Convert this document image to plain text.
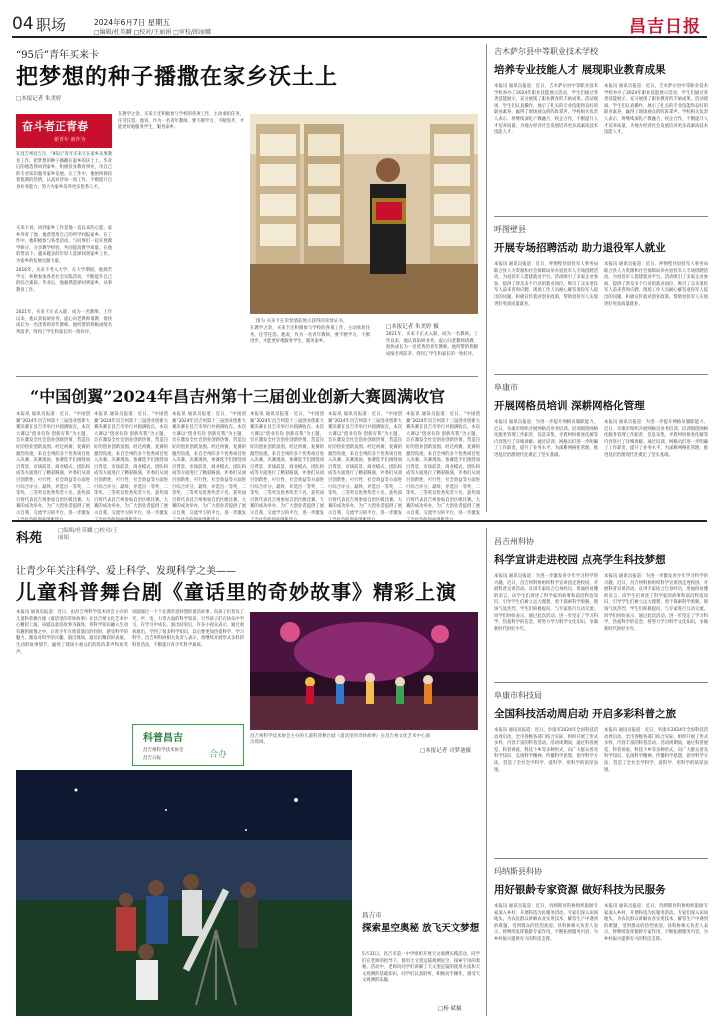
04 职场	2024年6月7日 星期五
□编辑/杜英麟 □校对/王丽娟 □审校/郎丽娜	昌吉日报
“95后”青年买来卡
把梦想的种子播撒在家乡沃土上
□本报记者 朱美婷
奋斗者正青春
新青年 新作为
在昌吉州昌吉市，“95后”青年买来卡在家乡从事教育工作，把梦想的种子播撒在家乡的沃土上。毕业后的他选择回到家乡，积极投身教育事业，用自己的专业知识服务家乡发展。在工作中，他始终保持着饱满的热情，认真对待每一项工作，不断提升自身业务能力，努力为家乡培养更多优秀人才。
买来卡说，回到家乡工作是他一直以来的心愿。家乡养育了他，他希望用自己的所学回报家乡。在工作中，他积极参与各类活动，与同事们一起开展教学研讨，分享教学经验，共同提高教学质量。在他的带动下，越来越多的年轻人选择回到家乡工作，为家乡的发展贡献力量。
2016年，买来卡考入大学，在大学期间，他刻苦学习，积极参加各类社会实践活动，不断提升自己的综合素质。毕业后，他毅然选择回到家乡，从事教育工作。
2021年，买来卡正式入职，成为一名教师。工作以来，他认真钻研业务，虚心向老教师请教，很快成长为一名优秀的青年教师。他所带的班级成绩名列前茅，得到了学生和家长的一致好评。
在教学之余，买来卡还积极参与学校的各项工作，主动承担任务，任劳任怨。他说，作为一名青年教师，要不断学习，不断进步，才能更好地服务学生，服务家乡。
图为 买来卡在荣誉墙前展示获得的荣誉证书。
在教学之余，买来卡还积极参与学校的各项工作，主动承担任务，任劳任怨。他说，作为一名青年教师，要不断学习，不断进步，才能更好地服务学生，服务家乡。
□本报记者 朱美婷 摄
2021年，买来卡正式入职，成为一名教师。工作以来，他认真钻研业务，虚心向老教师请教，很快成长为一名优秀的青年教师。他所带的班级成绩名列前茅，得到了学生和家长的一致好评。
吉木萨尔县中等职业技术学校
培养专业技能人才 展现职业教育成果
本报讯 通讯员报道：近日，吉木萨尔县中等职业技术学校举办了2024年职业技能展示活动，学生们通过各类技能展示，充分展现了职业教育的丰硕成果。活动现场，学生们认真操作，展示了扎实的专业技能和良好的职业素养，赢得了现场观众的阵阵掌声。学校相关负责人表示，将继续深化产教融合、校企合作，不断提升人才培养质量，为地方经济社会发展培养更多高素质技术技能人才。
本报讯 通讯员报道：近日，吉木萨尔县中等职业技术学校举办了2024年职业技能展示活动，学生们通过各类技能展示，充分展现了职业教育的丰硕成果。活动现场，学生们认真操作，展示了扎实的专业技能和良好的职业素养，赢得了现场观众的阵阵掌声。学校相关负责人表示，将继续深化产教融合、校企合作，不断提升人才培养质量，为地方经济社会发展培养更多高素质技术技能人才。
呼图壁县
开展专场招聘活动 助力退役军人就业
本报讯 通讯员报道：近日，呼图壁县退役军人事务局联合县人力资源和社会保障局举办退役军人专场招聘活动，为退役军人搭建就业平台。活动吸引了多家企业参加，提供了涉及多个行业的就业岗位，吸引了众多退役军人前来咨询应聘。现场工作人员耐心解答退役军人提出的问题，积极宣传就业创业政策，帮助退役军人实现更好更高质量就业。
本报讯 通讯员报道：近日，呼图壁县退役军人事务局联合县人力资源和社会保障局举办退役军人专场招聘活动，为退役军人搭建就业平台。活动吸引了多家企业参加，提供了涉及多个行业的就业岗位，吸引了众多退役军人前来咨询应聘。现场工作人员耐心解答退役军人提出的问题，积极宣传就业创业政策，帮助退役军人实现更好更高质量就业。
阜康市
开展网格员培训 深耕网格化管理
本报讯 通讯员报道：为进一步提升网格员履职能力，近日，阜康市组织开展网格员业务培训。培训围绕网格化服务管理工作职责、信息采集、矛盾纠纷排查化解等内容进行了详细讲解。通过培训，网格员们进一步明确了工作职责，提升了业务水平，为深耕网格化管理、推进基层治理现代化奠定了坚实基础。
本报讯 通讯员报道：为进一步提升网格员履职能力，近日，阜康市组织开展网格员业务培训。培训围绕网格化服务管理工作职责、信息采集、矛盾纠纷排查化解等内容进行了详细讲解。通过培训，网格员们进一步明确了工作职责，提升了业务水平，为深耕网格化管理、推进基层治理现代化奠定了坚实基础。
“中国创翼”2024年昌吉州第十三届创业创新大赛圆满收官
本报讯 通讯员报道：近日，“中国创翼”2024年昌吉州第十三届创业创新大赛决赛在昌吉市举行并圆满收官。本次大赛以“创业有你 创新有我”为主题，旨在激发全社会创业创新热情，营造良好的创业创新氛围。经过初赛、复赛的激烈角逐，来自全州的多个优秀项目进入决赛。决赛现场，参赛选手们围绕项目背景、市场前景、商业模式、团队构成等方面进行了精彩路演，评委们从项目创新性、可行性、社会效益等方面进行综合评分。最终，评选出一等奖、二等奖、三等奖及优秀奖若干名。获奖项目将代表昌吉州参加自治区级比赛。大赛的成功举办，为广大创业者提供了展示自我、交流学习的平台，进一步激发
本报讯 通讯员报道：近日，“中国创翼”2024年昌吉州第十三届创业创新大赛决赛在昌吉市举行并圆满收官。本次大赛以“创业有你 创新有我”为主题，旨在激发全社会创业创新热情，营造良好的创业创新氛围。经过初赛、复赛的激烈角逐，来自全州的多个优秀项目进入决赛。决赛现场，参赛选手们围绕项目背景、市场前景、商业模式、团队构成等方面进行了精彩路演，评委们从项目创新性、可行性、社会效益等方面进行综合评分。最终，评选出一等奖、二等奖、三等奖及优秀奖若干名。获奖项目将代表昌吉州参加自治区级比赛。大赛的成功举办，为广大创业者提供了展示自我、交流学习的平台，进一步激发
本报讯 通讯员报道：近日，“中国创翼”2024年昌吉州第十三届创业创新大赛决赛在昌吉市举行并圆满收官。本次大赛以“创业有你 创新有我”为主题，旨在激发全社会创业创新热情，营造良好的创业创新氛围。经过初赛、复赛的激烈角逐，来自全州的多个优秀项目进入决赛。决赛现场，参赛选手们围绕项目背景、市场前景、商业模式、团队构成等方面进行了精彩路演，评委们从项目创新性、可行性、社会效益等方面进行综合评分。最终，评选出一等奖、二等奖、三等奖及优秀奖若干名。获奖项目将代表昌吉州参加自治区级比赛。大赛的成功举办，为广大创业者提供了展示自我、交流学习的平台，进一步激发
本报讯 通讯员报道：近日，“中国创翼”2024年昌吉州第十三届创业创新大赛决赛在昌吉市举行并圆满收官。本次大赛以“创业有你 创新有我”为主题，旨在激发全社会创业创新热情，营造良好的创业创新氛围。经过初赛、复赛的激烈角逐，来自全州的多个优秀项目进入决赛。决赛现场，参赛选手们围绕项目背景、市场前景、商业模式、团队构成等方面进行了精彩路演，评委们从项目创新性、可行性、社会效益等方面进行综合评分。最终，评选出一等奖、二等奖、三等奖及优秀奖若干名。获奖项目将代表昌吉州参加自治区级比赛。大赛的成功举办，为广大创业者提供了展示自我、交流学习的平台，进一步激发
本报讯 通讯员报道：近日，“中国创翼”2024年昌吉州第十三届创业创新大赛决赛在昌吉市举行并圆满收官。本次大赛以“创业有你 创新有我”为主题，旨在激发全社会创业创新热情，营造良好的创业创新氛围。经过初赛、复赛的激烈角逐，来自全州的多个优秀项目进入决赛。决赛现场，参赛选手们围绕项目背景、市场前景、商业模式、团队构成等方面进行了精彩路演，评委们从项目创新性、可行性、社会效益等方面进行综合评分。最终，评选出一等奖、二等奖、三等奖及优秀奖若干名。获奖项目将代表昌吉州参加自治区级比赛。大赛的成功举办，为广大创业者提供了展示自我、交流学习的平台，进一步激发
本报讯 通讯员报道：近日，“中国创翼”2024年昌吉州第十三届创业创新大赛决赛在昌吉市举行并圆满收官。本次大赛以“创业有你 创新有我”为主题，旨在激发全社会创业创新热情，营造良好的创业创新氛围。经过初赛、复赛的激烈角逐，来自全州的多个优秀项目进入决赛。决赛现场，参赛选手们围绕项目背景、市场前景、商业模式、团队构成等方面进行了精彩路演，评委们从项目创新性、可行性、社会效益等方面进行综合评分。最终，评选出一等奖、二等奖、三等奖及优秀奖若干名。获奖项目将代表昌吉州参加自治区级比赛。大赛的成功举办，为广大创业者提供了展示自我、交流学习的平台，进一步激发
科苑	□编辑/杜英麟 □校对/王丽娟
让青少年关注科学、爱上科学、发现科学之美——
儿童科普舞台剧《童话里的奇妙故事》精彩上演
本报讯 通讯员报道：近日，由昌吉州科学技术协会主办的儿童科普舞台剧《童话里的奇妙故事》在昌吉州文化艺术中心精彩上演。该剧以童话故事为载体，将科学知识融入生动有趣的剧情之中，让青少年在欣赏演出的同时，感受科学的魅力，激发对科学的兴趣。演出现场，演员们精彩的表演、生动的故事情节，赢得了现场小观众们的阵阵掌声和欢笑声。
该剧通过一个个充满奇思妙想的童话故事，向孩子们普及了光、声、电、力等方面的科学知识，引导孩子们在快乐中学习，在学习中成长。演出结束后，许多小观众表示，通过观看演出，学到了很多科学知识，以后要更加热爱科学、学习科学。昌吉州科协相关负责人表示，将继续开展形式多样的科普活动，不断提升青少年科学素质。
科普昌吉
昌吉州科学技术协会
昌吉日报	合办
昌吉州科学技术协会主办的儿童科普舞台剧《童话里的奇妙故事》在昌吉州文化艺术中心演出现场。
□本报记者 司梦迪摄
昌吉市
探索星空奥秘 放飞天文梦想
5月31日，昌吉市第一中学组织开展天文观测实践活动，同学们在老师的指导下，使用天文望远镜观测星空，探索宇宙的奥秘。活动中，老师向同学们讲解了天文望远镜的使用方法和天文观测的基础知识，同学们认真聆听，积极动手操作，感受天文观测的乐趣。
□杨 斌摄
昌吉州科协
科学宣讲走进校园 点亮学生科技梦想
本报讯 通讯员报道：为进一步激发青少年学习科学的兴趣，近日，昌吉州科协组织科学宣讲团走进校园，开展科普宣讲活动。宣讲专家结合自身经历，用通俗易懂的语言，向学生们讲述了科学家的故事和前沿科技知识，引导学生们树立远大理想，勇于探索科学奥秘。现场气氛热烈，学生们积极提问，与专家进行互动交流。同学们纷纷表示，通过此次活动，进一步坚定了学习科学、热爱科学的信念，将努力学习科学文化知识，争做新时代的好少年。
本报讯 通讯员报道：为进一步激发青少年学习科学的兴趣，近日，昌吉州科协组织科学宣讲团走进校园，开展科普宣讲活动。宣讲专家结合自身经历，用通俗易懂的语言，向学生们讲述了科学家的故事和前沿科技知识，引导学生们树立远大理想，勇于探索科学奥秘。现场气氛热烈，学生们积极提问，与专家进行互动交流。同学们纷纷表示，通过此次活动，进一步坚定了学习科学、热爱科学的信念，将努力学习科学文化知识，争做新时代的好少年。
阜康市科技局
全国科技活动周启动 开启多彩科普之旅
本报讯 通讯员报道：近日，阜康市2024年全国科技活动周启动，全市各级各部门结合实际，组织开展了形式多样、内容丰富的科普活动。活动周期间，通过科普展览、科普讲座、科技下乡等多种形式，向广大群众普及科学知识，弘扬科学精神，传播科学思想，倡导科学方法，营造了全社会学科学、爱科学、用科学的浓厚氛围。
本报讯 通讯员报道：近日，阜康市2024年全国科技活动周启动，全市各级各部门结合实际，组织开展了形式多样、内容丰富的科普活动。活动周期间，通过科普展览、科普讲座、科技下乡等多种形式，向广大群众普及科学知识，弘扬科学精神，传播科学思想，倡导科学方法，营造了全社会学科学、爱科学、用科学的浓厚氛围。
玛纳斯县科协
用好银龄专家资源 做好科技为民服务
本报讯 通讯员报道：近日，玛纳斯县科协组织银龄专家深入乡村，开展科技为民服务活动。专家们深入田间地头，为农民群众讲解农业实用技术，解答生产中遇到的难题，受到群众的热烈欢迎。县科协相关负责人表示，将继续发挥银龄专家作用，不断拓展服务内容，为乡村振兴提供有力的科技支撑。
本报讯 通讯员报道：近日，玛纳斯县科协组织银龄专家深入乡村，开展科技为民服务活动。专家们深入田间地头，为农民群众讲解农业实用技术，解答生产中遇到的难题，受到群众的热烈欢迎。县科协相关负责人表示，将继续发挥银龄专家作用，不断拓展服务内容，为乡村振兴提供有力的科技支撑。
